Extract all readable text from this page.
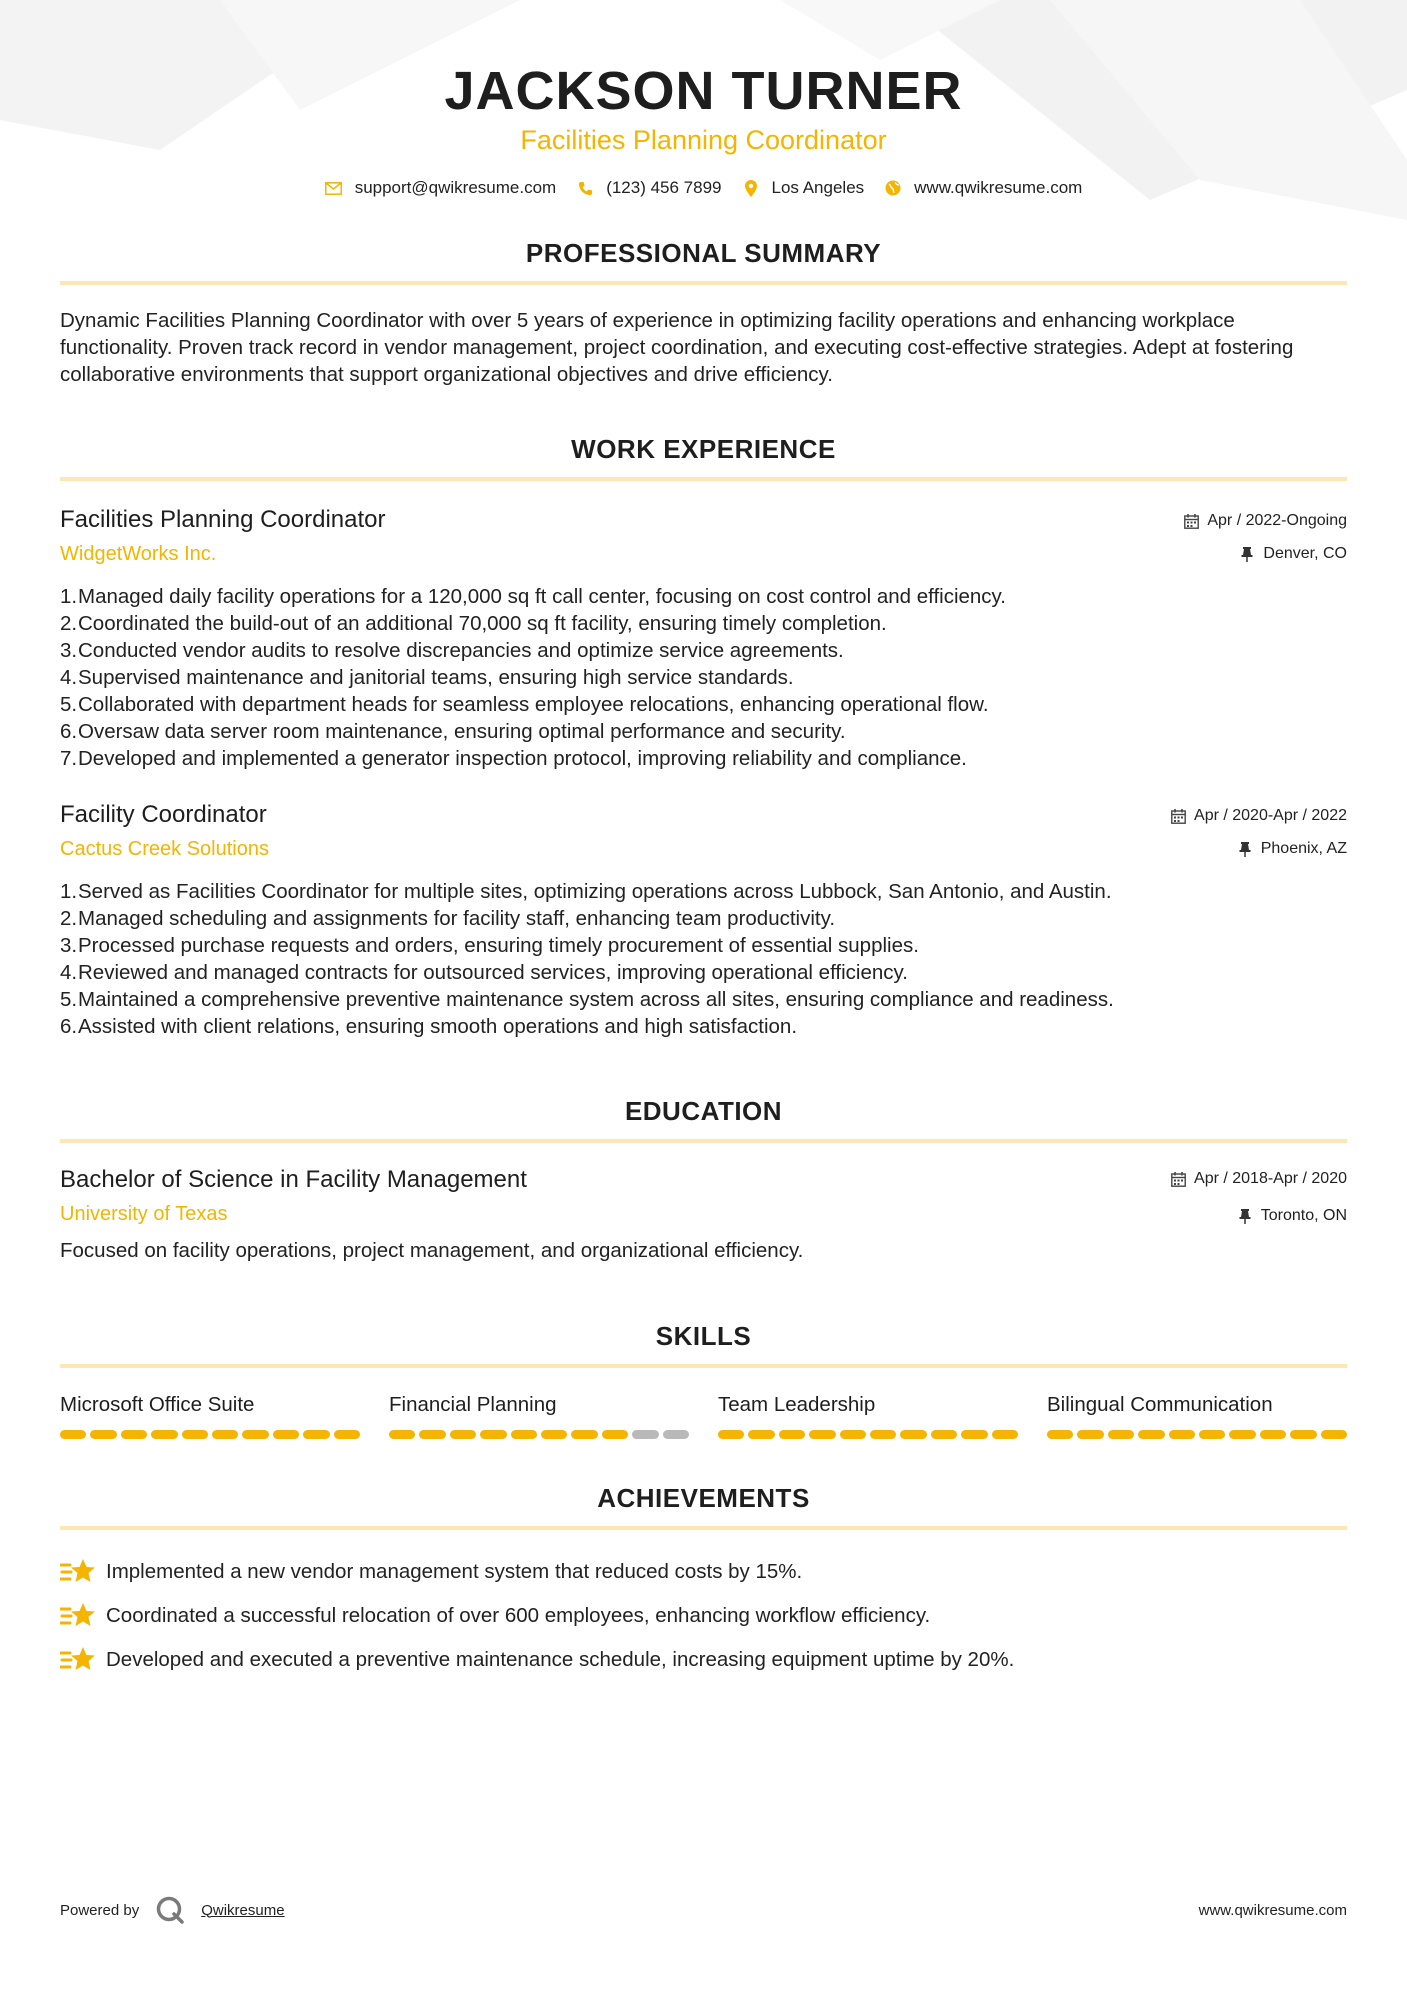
JACKSON TURNER
Facilities Planning Coordinator
support@qwikresume.com	(123) 456 7899	Los Angeles	www.qwikresume.com
PROFESSIONAL SUMMARY

Dynamic Facilities Planning Coordinator with over 5 years of experience in optimizing facility operations and enhancing workplace functionality. Proven track record in vendor management, project coordination, and executing cost-effective strategies. Adept at fostering collaborative environments that support organizational objectives and drive efficiency.

WORK EXPERIENCE
Facilities Planning Coordinator
WidgetWorks Inc.
Apr / 2022-Ongoing
Denver, CO
1. Managed daily facility operations for a 120,000 sq ft call center, focusing on cost control and efficiency.
2. Coordinated the build-out of an additional 70,000 sq ft facility, ensuring timely completion.
3. Conducted vendor audits to resolve discrepancies and optimize service agreements.
4. Supervised maintenance and janitorial teams, ensuring high service standards.
5. Collaborated with department heads for seamless employee relocations, enhancing operational flow.
6. Oversaw data server room maintenance, ensuring optimal performance and security.
7. Developed and implemented a generator inspection protocol, improving reliability and compliance.
Facility Coordinator
Cactus Creek Solutions
Apr / 2020-Apr / 2022
Phoenix, AZ
1. Served as Facilities Coordinator for multiple sites, optimizing operations across Lubbock, San Antonio, and Austin.
2. Managed scheduling and assignments for facility staff, enhancing team productivity.
3. Processed purchase requests and orders, ensuring timely procurement of essential supplies.
4. Reviewed and managed contracts for outsourced services, improving operational efficiency.
5. Maintained a comprehensive preventive maintenance system across all sites, ensuring compliance and readiness.
6. Assisted with client relations, ensuring smooth operations and high satisfaction.
EDUCATION
Bachelor of Science in Facility Management
University of Texas
Apr / 2018-Apr / 2020
Toronto, ON

Focused on facility operations, project management, and organizational efficiency.

SKILLS
Microsoft Office Suite	Financial Planning	Team Leadership	Bilingual Communication
ACHIEVEMENTS
Implemented a new vendor management system that reduced costs by 15%.
Coordinated a successful relocation of over 600 employees, enhancing workflow efficiency.
Developed and executed a preventive maintenance schedule, increasing equipment uptime by 20%.
Powered by	Qwikresume	www.qwikresume.com
